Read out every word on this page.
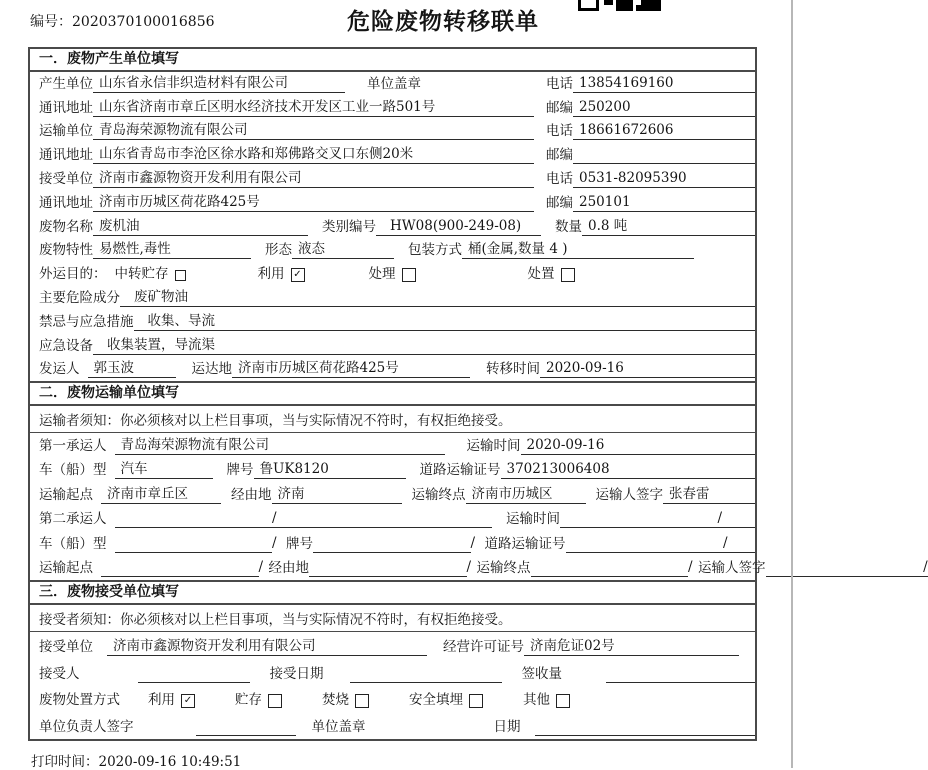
编号：2020370100016856	危险废物转移联单
一．废物产生单位填写
产生单位 山东省永信非织造材料有限公司	单位盖章	电话 13854169160
通讯地址 山东省济南市章丘区明水经济技术开发区工业一路501号	邮编 250200
运输单位 青岛海荣源物流有限公司	电话 18661672606
通讯地址 山东省青岛市李沧区徐水路和郑佛路交叉口东侧20米	邮编
接受单位 济南市鑫源物资开发利用有限公司	电话 0531-82095390
通讯地址 济南市历城区荷花路425号	邮编 250101
废物名称 废机油	类别编号	HW08(900-249-08)	数量 0.8 吨
废物特性 易燃性,毒性	形态 液态	包装方式 桶(金属,数量 4 )
外运目的： 中转贮存	利用 ✓	处理	处置
主要危险成分	废矿物油
禁忌与应急措施	收集、导流
应急设备	收集装置，导流渠
发运人	郭玉波	运达地 济南市历城区荷花路425号	转移时间 2020-09-16
二．废物运输单位填写
运输者须知：你必须核对以上栏目事项，当与实际情况不符时，有权拒绝接受。
第一承运人	青岛海荣源物流有限公司	运输时间 2020-09-16
车（船）型	汽车	牌号 鲁UK8120	道路运输证号 370213006408
运输起点	济南市章丘区	经由地 济南	运输终点 济南市历城区	运输人签字 张春雷
第二承运人	/	运输时间	/
车（船）型	/ 牌号	/ 道路运输证号	/
运输起点	/ 经由地	/ 运输终点	/ 运输人签字	/
三．废物接受单位填写
接受者须知：你必须核对以上栏目事项，当与实际情况不符时，有权拒绝接受。
接受单位	济南市鑫源物资开发利用有限公司	经营许可证号 济南危证02号
接受人	接受日期	签收量
废物处置方式 利用 ✓	贮存	焚烧	安全填埋	其他
单位负责人签字	单位盖章	日期
打印时间：2020-09-16 10:49:51
